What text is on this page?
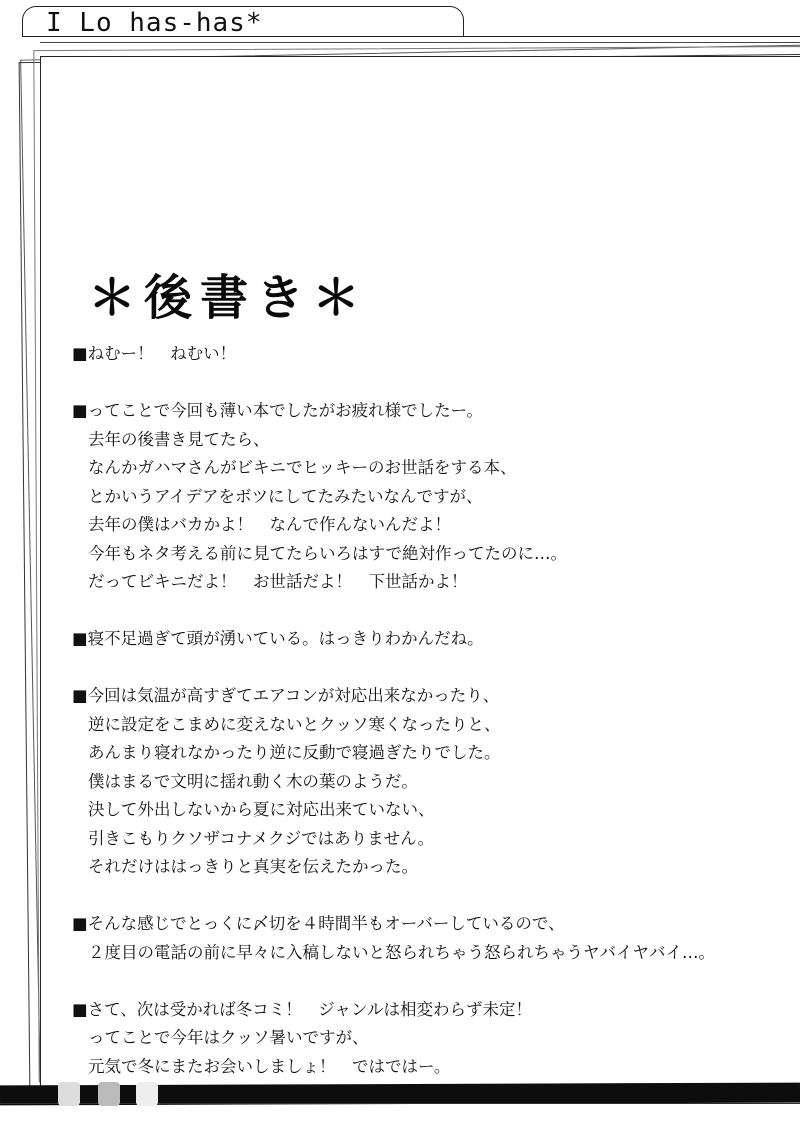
I Lo has-has*
＊後書き＊
■ねむー！　ねむい！
■ってことで今回も薄い本でしたがお疲れ様でしたー。
去年の後書き見てたら、
なんかガハマさんがビキニでヒッキーのお世話をする本、
とかいうアイデアをボツにしてたみたいなんですが、
去年の僕はバカかよ！　なんで作んないんだよ！
今年もネタ考える前に見てたらいろはすで絶対作ってたのに…。
だってビキニだよ！　お世話だよ！　下世話かよ！
■寝不足過ぎて頭が湧いている。はっきりわかんだね。
■今回は気温が高すぎてエアコンが対応出来なかったり、
逆に設定をこまめに変えないとクッソ寒くなったりと、
あんまり寝れなかったり逆に反動で寝過ぎたりでした。
僕はまるで文明に揺れ動く木の葉のようだ。
決して外出しないから夏に対応出来ていない、
引きこもりクソザコナメクジではありません。
それだけははっきりと真実を伝えたかった。
■そんな感じでとっくに〆切を４時間半もオーバーしているので、
２度目の電話の前に早々に入稿しないと怒られちゃう怒られちゃうヤバイヤバイ…。
■さて、次は受かれば冬コミ！　ジャンルは相変わらず未定！
ってことで今年はクッソ暑いですが、
元気で冬にまたお会いしましょ！　ではではー。
